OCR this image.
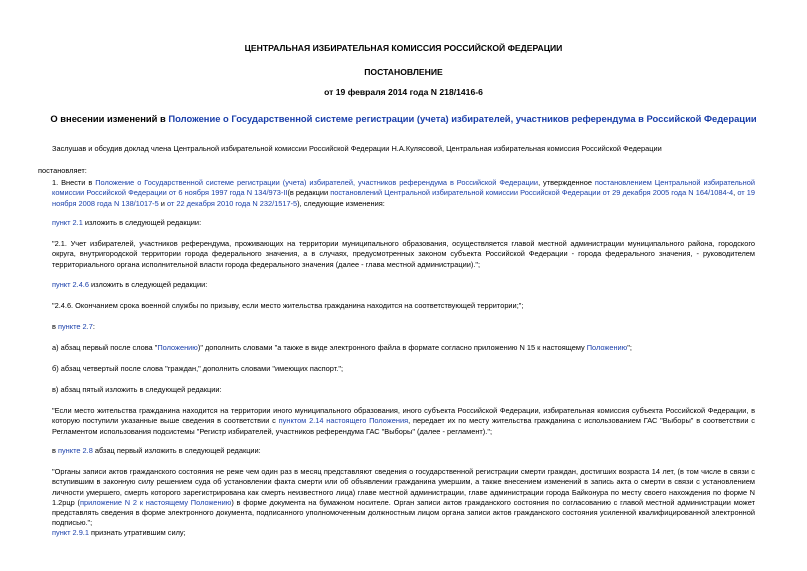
ЦЕНТРАЛЬНАЯ ИЗБИРАТЕЛЬНАЯ КОМИССИЯ РОССИЙСКОЙ ФЕДЕРАЦИИ
ПОСТАНОВЛЕНИЕ
от 19 февраля 2014 года N 218/1416-6
О внесении изменений в Положение о Государственной системе регистрации (учета) избирателей, участников референдума в Российской Федерации
Заслушав и обсудив доклад члена Центральной избирательной комиссии Российской Федерации Н.А.Кулясовой, Центральная избирательная комиссия Российской Федерации
постановляет:
1. Внести в Положение о Государственной системе регистрации (учета) избирателей, участников референдума в Российской Федерации, утвержденное постановлением Центральной избирательной комиссии Российской Федерации от 6 ноября 1997 года N 134/973-II(в редакции постановлений Центральной избирательной комиссии Российской Федерации от 29 декабря 2005 года N 164/1084-4, от 19 ноября 2008 года N 138/1017-5 и от 22 декабря 2010 года N 232/1517-5), следующие изменения:
пункт 2.1 изложить в следующей редакции:
"2.1. Учет избирателей, участников референдума, проживающих на территории муниципального образования, осуществляется главой местной администрации муниципального района, городского округа, внутригородской территории города федерального значения, а в случаях, предусмотренных законом субъекта Российской Федерации - города федерального значения, - руководителем территориального органа исполнительной власти города федерального значения (далее - глава местной администрации).";
пункт 2.4.6 изложить в следующей редакции:
"2.4.6. Окончанием срока военной службы по призыву, если место жительства гражданина находится на соответствующей территории;";
в пункте 2.7:
а) абзац первый после слова "Положению)" дополнить словами "а также в виде электронного файла в формате согласно приложению N 15 к настоящему Положению";
б) абзац четвертый после слова "граждан," дополнить словами "имеющих паспорт.";
в) абзац пятый изложить в следующей редакции:
"Если место жительства гражданина находится на территории иного муниципального образования, иного субъекта Российской Федерации, избирательная комиссия субъекта Российской Федерации, в которую поступили указанные выше сведения в соответствии с пунктом 2.14 настоящего Положения, передает их по месту жительства гражданина с использованием ГАС "Выборы" в соответствии с Регламентом использования подсистемы "Регистр избирателей, участников референдума ГАС "Выборы" (далее - регламент).";
в пункте 2.8 абзац первый изложить в следующей редакции:
"Органы записи актов гражданского состояния не реже чем один раз в месяц представляют сведения о государственной регистрации смерти граждан, достигших возраста 14 лет, (в том числе в связи с вступившим в законную силу решением суда об установлении факта смерти или об объявлении гражданина умершим, а также внесением изменений в запись акта о смерти в связи с установлением личности умершего, смерть которого зарегистрирована как смерть неизвестного лица) главе местной администрации, главе администрации города Байконура по месту своего нахождения по форме N 1.2рцр (приложение N 2 к настоящему Положению) в форме документа на бумажном носителе. Орган записи актов гражданского состояния по согласованию с главой местной администрации может представлять сведения в форме электронного документа, подписанного уполномоченным должностным лицом органа записи актов гражданского состояния усиленной квалифицированной электронной подписью.";
пункт 2.9.1 признать утратившим силу;
